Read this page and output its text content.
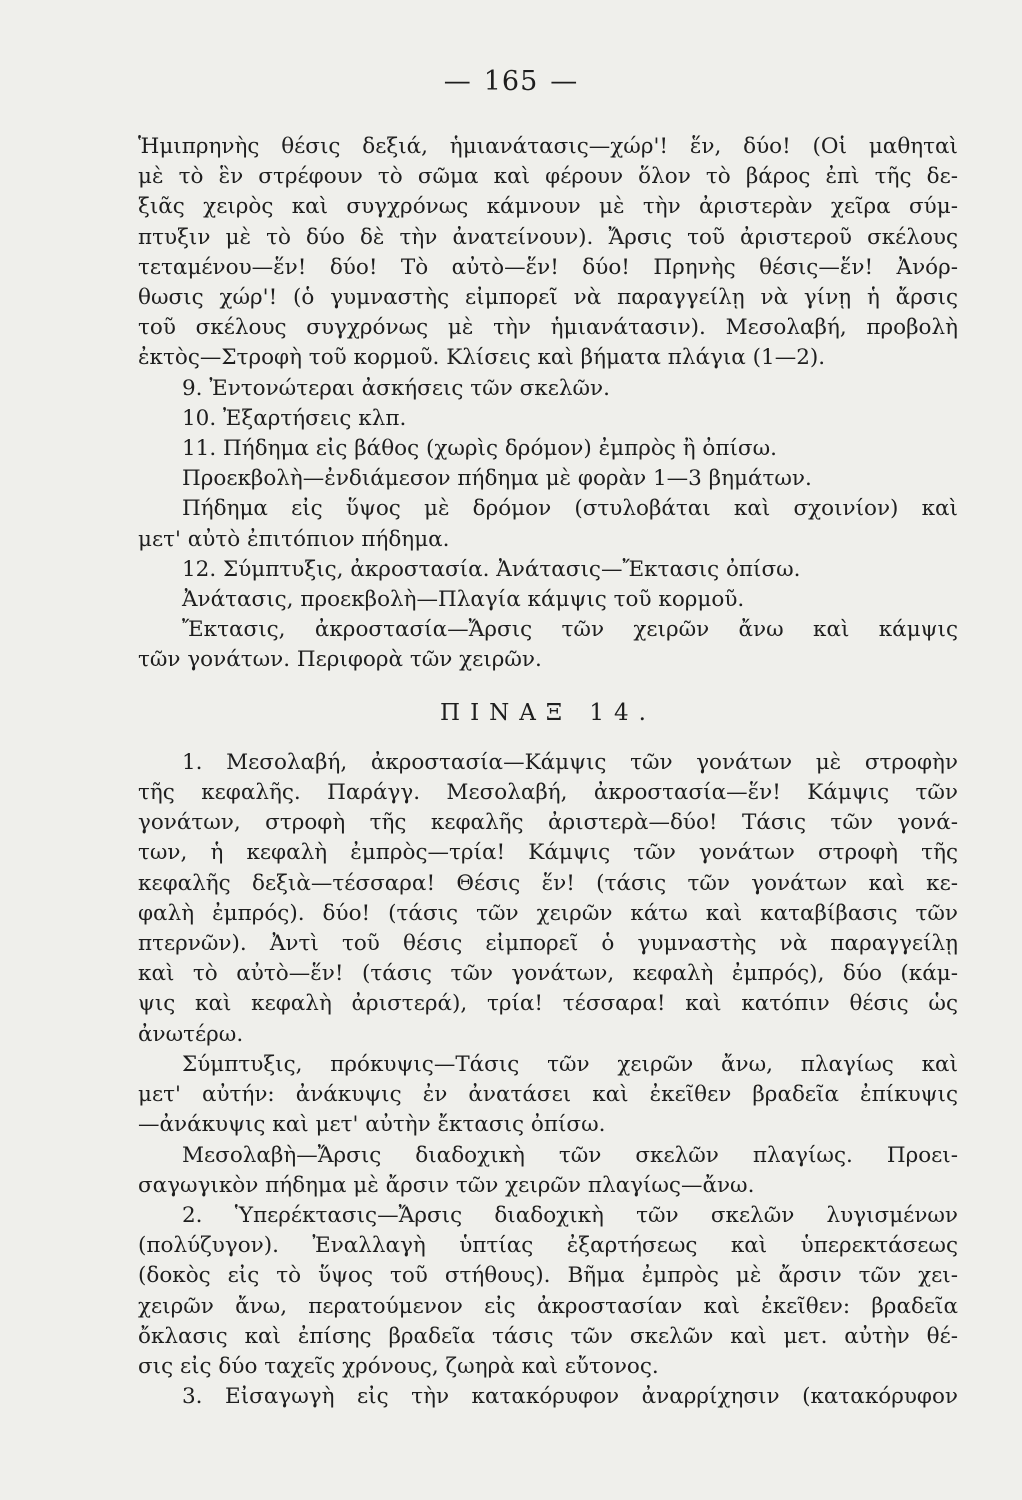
— 165 —
Ἡμιπρηνὴς θέσις δεξιά, ἡμιανάτασις—χώρ'! ἕν, δύο! (Οἱ μαθηταὶ
μὲ τὸ ἓν στρέφουν τὸ σῶμα καὶ φέρουν ὅλον τὸ βάρος ἐπὶ τῆς δε-
ξιᾶς χειρὸς καὶ συγχρόνως κάμνουν μὲ τὴν ἀριστερὰν χεῖρα σύμ-
πτυξιν μὲ τὸ δύο δὲ τὴν ἀνατείνουν). Ἄρσις τοῦ ἀριστεροῦ σκέλους
τεταμένου—ἕν! δύο! Τὸ αὐτὸ—ἕν! δύο! Πρηνὴς θέσις—ἕν! Ἀνόρ-
θωσις χώρ'! (ὁ γυμναστὴς εἰμπορεῖ νὰ παραγγείλῃ νὰ γίνῃ ἡ ἄρσις
τοῦ σκέλους συγχρόνως μὲ τὴν ἡμιανάτασιν). Μεσολαβή, προβολὴ
ἐκτὸς—Στροφὴ τοῦ κορμοῦ. Κλίσεις καὶ βήματα πλάγια (1—2).
9. Ἐντονώτεραι ἀσκήσεις τῶν σκελῶν.
10. Ἐξαρτήσεις κλπ.
11. Πήδημα εἰς βάθος (χωρὶς δρόμον) ἐμπρὸς ἢ ὀπίσω.
Προεκβολὴ—ἐνδιάμεσον πήδημα μὲ φορὰν 1—3 βημάτων.
Πήδημα εἰς ὕψος μὲ δρόμον (στυλοβάται καὶ σχοινίον) καὶ
μετ' αὐτὸ ἐπιτόπιον πήδημα.
12. Σύμπτυξις, ἀκροστασία. Ἀνάτασις—Ἔκτασις ὀπίσω.
Ἀνάτασις, προεκβολὴ—Πλαγία κάμψις τοῦ κορμοῦ.
Ἔκτασις, ἀκροστασία—Ἄρσις τῶν χειρῶν ἄνω καὶ κάμψις
τῶν γονάτων. Περιφορὰ τῶν χειρῶν.
ΠΙΝΑΞ 14.
1. Μεσολαβή, ἀκροστασία—Κάμψις τῶν γονάτων μὲ στροφὴν
τῆς κεφαλῆς. Παράγγ. Μεσολαβή, ἀκροστασία—ἕν! Κάμψις τῶν
γονάτων, στροφὴ τῆς κεφαλῆς ἀριστερὰ—δύο! Τάσις τῶν γονά-
των, ἡ κεφαλὴ ἐμπρὸς—τρία! Κάμψις τῶν γονάτων στροφὴ τῆς
κεφαλῆς δεξιὰ—τέσσαρα! Θέσις ἕν! (τάσις τῶν γονάτων καὶ κε-
φαλὴ ἐμπρός). δύο! (τάσις τῶν χειρῶν κάτω καὶ καταβίβασις τῶν
πτερνῶν). Ἀντὶ τοῦ θέσις εἰμπορεῖ ὁ γυμναστὴς νὰ παραγγείλῃ
καὶ τὸ αὐτὸ—ἕν! (τάσις τῶν γονάτων, κεφαλὴ ἐμπρός), δύο (κάμ-
ψις καὶ κεφαλὴ ἀριστερά), τρία! τέσσαρα! καὶ κατόπιν θέσις ὡς
ἀνωτέρω.
Σύμπτυξις, πρόκυψις—Τάσις τῶν χειρῶν ἄνω, πλαγίως καὶ
μετ' αὐτήν: ἀνάκυψις ἐν ἀνατάσει καὶ ἐκεῖθεν βραδεῖα ἐπίκυψις
—ἀνάκυψις καὶ μετ' αὐτὴν ἔκτασις ὀπίσω.
Μεσολαβὴ—Ἄρσις διαδοχικὴ τῶν σκελῶν πλαγίως. Προει-
σαγωγικὸν πήδημα μὲ ἄρσιν τῶν χειρῶν πλαγίως—ἄνω.
2. Ὑπερέκτασις—Ἄρσις διαδοχικὴ τῶν σκελῶν λυγισμένων
(πολύζυγον). Ἐναλλαγὴ ὑπτίας ἐξαρτήσεως καὶ ὑπερεκτάσεως
(δοκὸς εἰς τὸ ὕψος τοῦ στήθους). Βῆμα ἐμπρὸς μὲ ἄρσιν τῶν χει-
χειρῶν ἄνω, περατούμενον εἰς ἀκροστασίαν καὶ ἐκεῖθεν: βραδεῖα
ὄκλασις καὶ ἐπίσης βραδεῖα τάσις τῶν σκελῶν καὶ μετ. αὐτὴν θέ-
σις εἰς δύο ταχεῖς χρόνους, ζωηρὰ καὶ εὔτονος.
3. Εἰσαγωγὴ εἰς τὴν κατακόρυφον ἀναρρίχησιν (κατακόρυφον
